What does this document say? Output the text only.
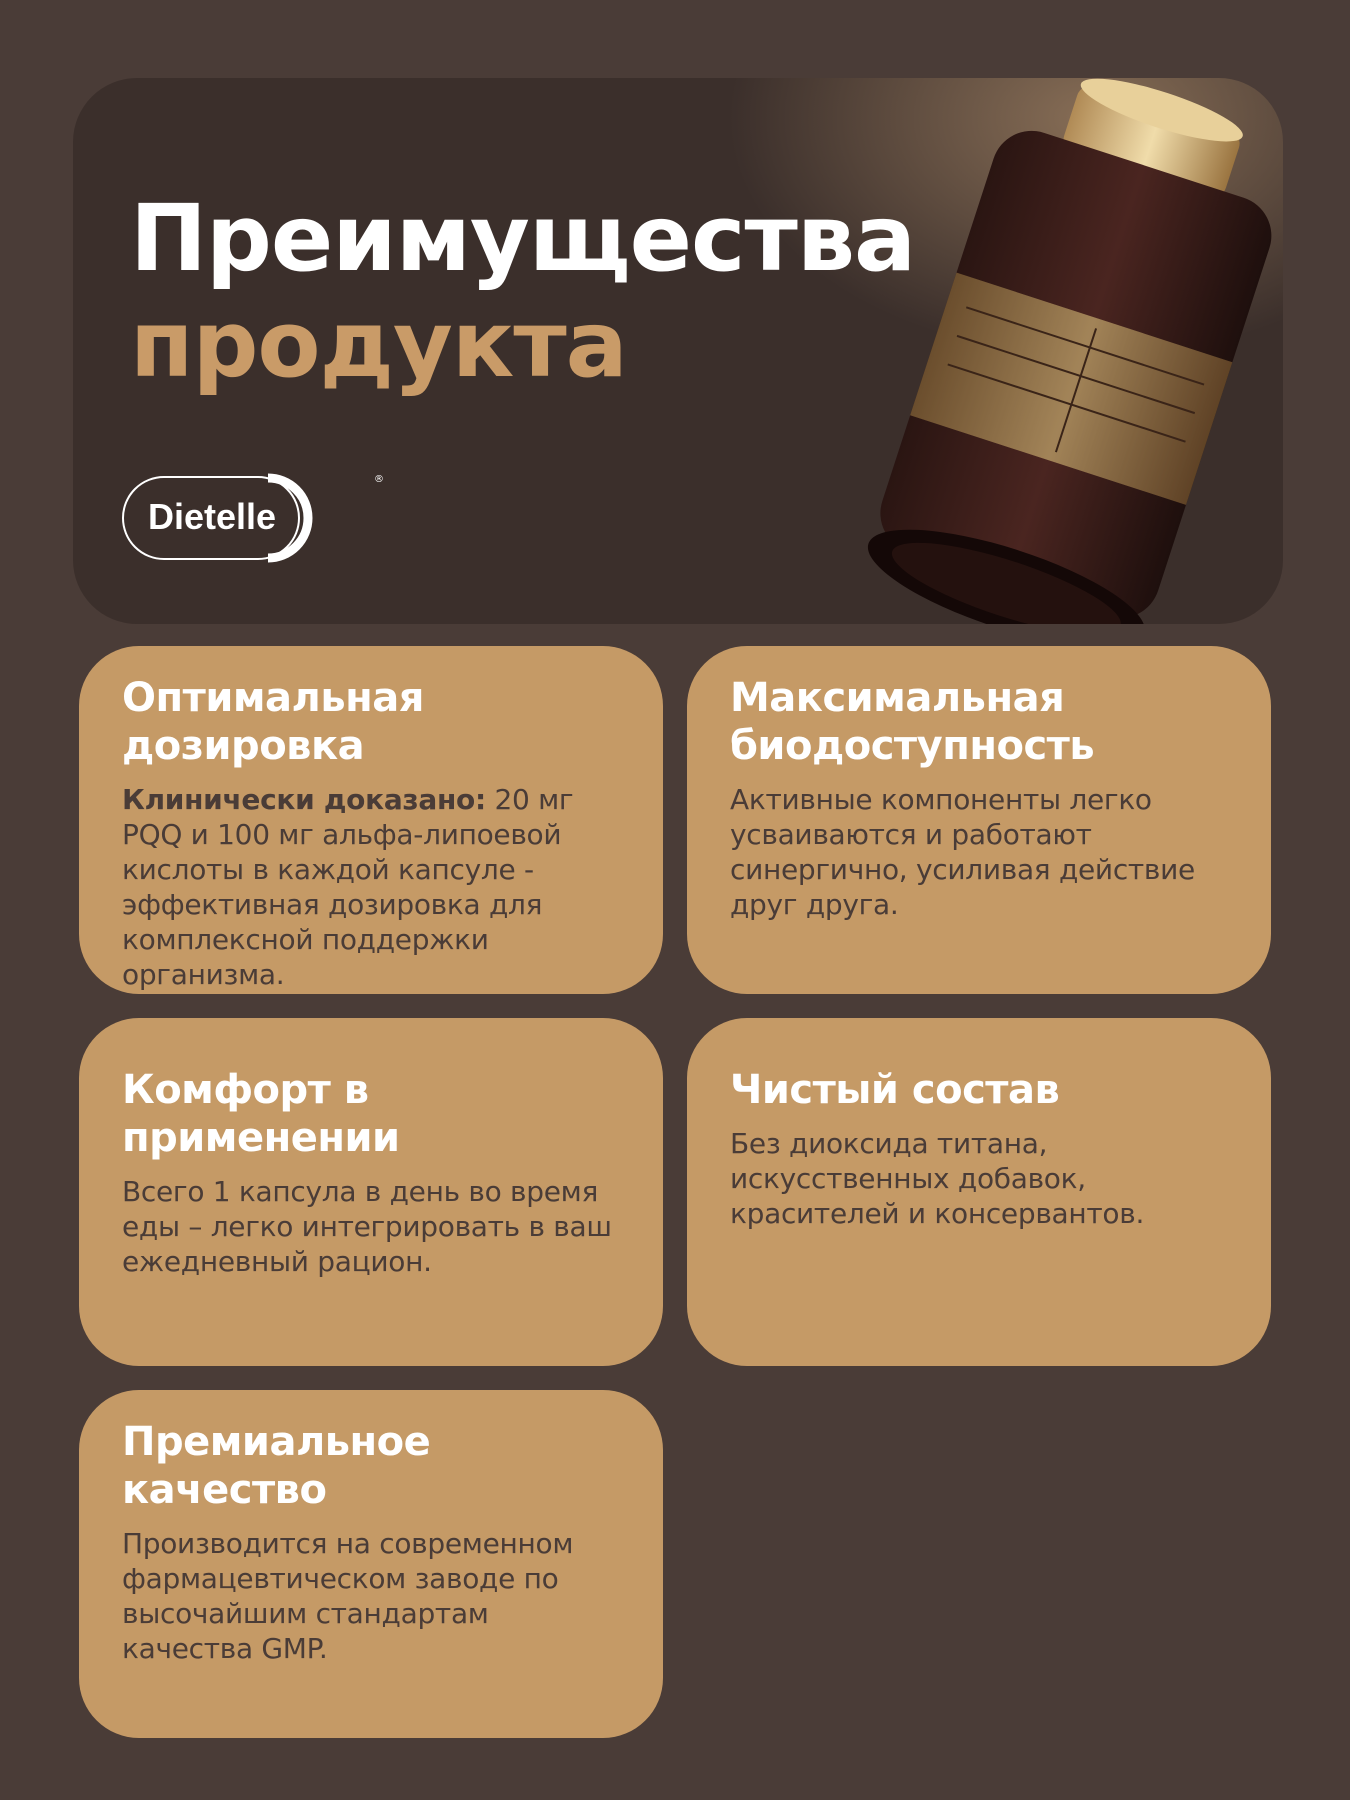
Преимущества
продукта
Dietelle
®
Оптимальная дозировка

Клинически доказано: 20 мг PQQ и 100 мг альфа-липоевой кислоты в каждой капсуле - эффективная дозировка для комплексной поддержки организма.

Максимальная биодоступность

Активные компоненты легко усваиваются и работают синергично, усиливая действие друг друга.

Комфорт в применении

Всего 1 капсула в день во время еды – легко интегрировать в ваш ежедневный рацион.

Чистый состав

Без диоксида титана, искусственных добавок, красителей и консервантов.

Премиальное качество

Производится на современном фармацевтическом заводе по высочайшим стандартам качества GMP.
